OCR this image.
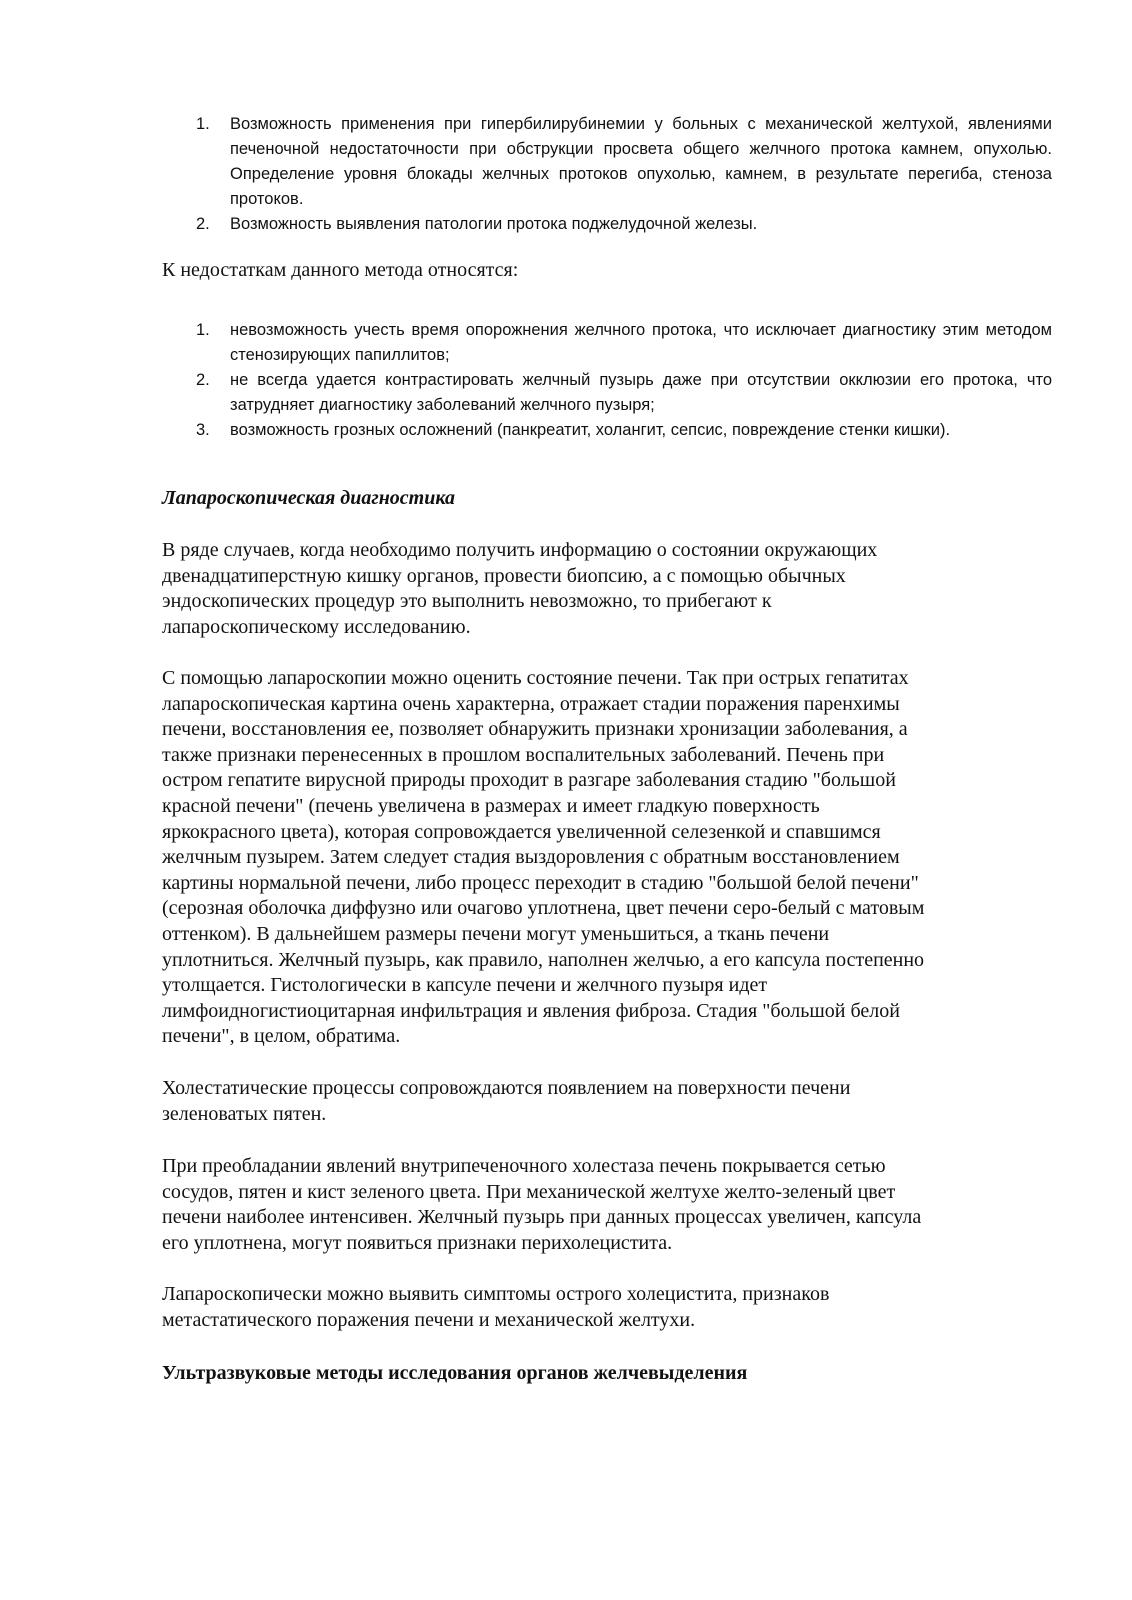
1. Возможность применения при гипербилирубинемии у больных с механической желтухой, явлениями печеночной недостаточности при обструкции просвета общего желчного протока камнем, опухолью. Определение уровня блокады желчных протоков опухолью, камнем, в результате перегиба, стеноза протоков.
2. Возможность выявления патологии протока поджелудочной железы.

К недостаткам данного метода относятся:

1. невозможность учесть время опорожнения желчного протока, что исключает диагностику этим методом стенозирующих папиллитов;
2. не всегда удается контрастировать желчный пузырь даже при отсутствии окклюзии его протока, что затрудняет диагностику заболеваний желчного пузыря;
3. возможность грозных осложнений (панкреатит, холангит, сепсис, повреждение стенки кишки).

Лапароскопическая диагностика

В ряде случаев, когда необходимо получить информацию о состоянии окружающих
двенадцатиперстную кишку органов, провести биопсию, а с помощью обычных
эндоскопических процедур это выполнить невозможно, то прибегают к
лапароскопическому исследованию.

С помощью лапароскопии можно оценить состояние печени. Так при острых гепатитах
лапароскопическая картина очень характерна, отражает стадии поражения паренхимы
печени, восстановления ее, позволяет обнаружить признаки хронизации заболевания, а
также признаки перенесенных в прошлом воспалительных заболеваний. Печень при
остром гепатите вирусной природы проходит в разгаре заболевания стадию "большой
красной печени" (печень увеличена в размерах и имеет гладкую поверхность
яркокрасного цвета), которая сопровождается увеличенной селезенкой и спавшимся
желчным пузырем. Затем следует стадия выздоровления с обратным восстановлением
картины нормальной печени, либо процесс переходит в стадию "большой белой печени"
(серозная оболочка диффузно или очагово уплотнена, цвет печени серо-белый с матовым
оттенком). В дальнейшем размеры печени могут уменьшиться, а ткань печени
уплотниться. Желчный пузырь, как правило, наполнен желчью, а его капсула постепенно
утолщается. Гистологически в капсуле печени и желчного пузыря идет
лимфоидногистиоцитарная инфильтрация и явления фиброза. Стадия "большой белой
печени", в целом, обратима.

Холестатические процессы сопровождаются появлением на поверхности печени
зеленоватых пятен.

При преобладании явлений внутрипеченочного холестаза печень покрывается сетью
сосудов, пятен и кист зеленого цвета. При механической желтухе желто-зеленый цвет
печени наиболее интенсивен. Желчный пузырь при данных процессах увеличен, капсула
его уплотнена, могут появиться признаки перихолецистита.

Лапароскопически можно выявить симптомы острого холецистита, признаков
метастатического поражения печени и механической желтухи.

Ультразвуковые методы исследования органов желчевыделения
